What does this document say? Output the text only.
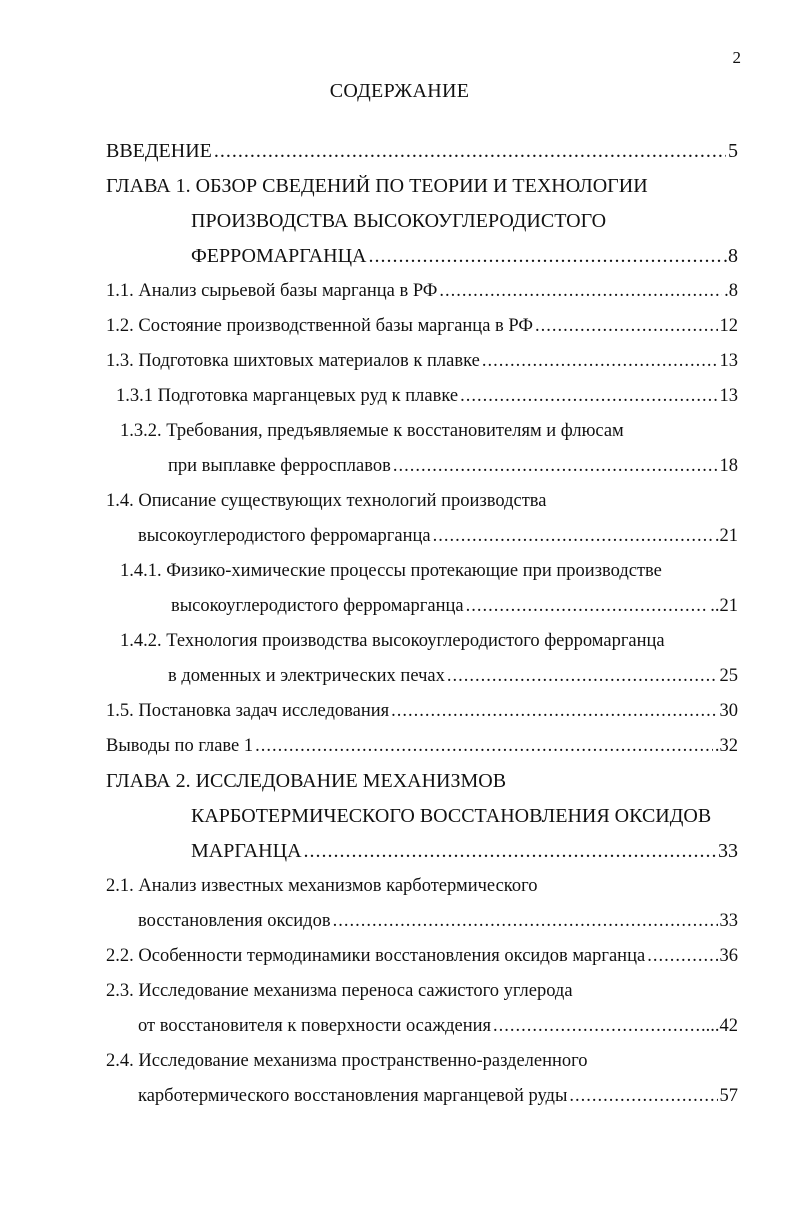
2
СОДЕРЖАНИЕ
ВВЕДЕНИЕ .....	5
ГЛАВА 1. ОБЗОР СВЕДЕНИЙ ПО ТЕОРИИ И ТЕХНОЛОГИИ
ПРОИЗВОДСТВА ВЫСОКОУГЛЕРОДИСТОГО
ФЕРРОМАРГАНЦА .....	.8
1.1. Анализ сырьевой базы марганца в РФ .....	.8
1.2. Состояние производственной базы марганца в РФ .....	12
1.3. Подготовка шихтовых материалов к плавке .....	13
1.3.1 Подготовка марганцевых руд к плавке .....	13
1.3.2. Требования, предъявляемые к восстановителям и флюсам
при выплавке ферросплавов .....	18
1.4. Описание существующих технологий производства
высокоуглеродистого ферромарганца .....	.21
1.4.1. Физико-химические процессы протекающие при производстве
высокоуглеродистого ферромарганца .....	..21
1.4.2. Технология производства высокоуглеродистого ферромарганца
в доменных и электрических печах .....	25
1.5. Постановка задач исследования .....	30
Выводы по главе 1 .....	.32
ГЛАВА 2. ИССЛЕДОВАНИЕ МЕХАНИЗМОВ
КАРБОТЕРМИЧЕСКОГО ВОССТАНОВЛЕНИЯ ОКСИДОВ
МАРГАНЦА .....	33
2.1. Анализ известных механизмов карботермического
восстановления оксидов .....	33
2.2. Особенности термодинамики восстановления оксидов марганца .....	36
2.3. Исследование механизма переноса сажистого углерода
от восстановителя к поверхности осаждения .....	....42
2.4. Исследование механизма пространственно-разделенного
карботермического восстановления марганцевой руды .....	57
